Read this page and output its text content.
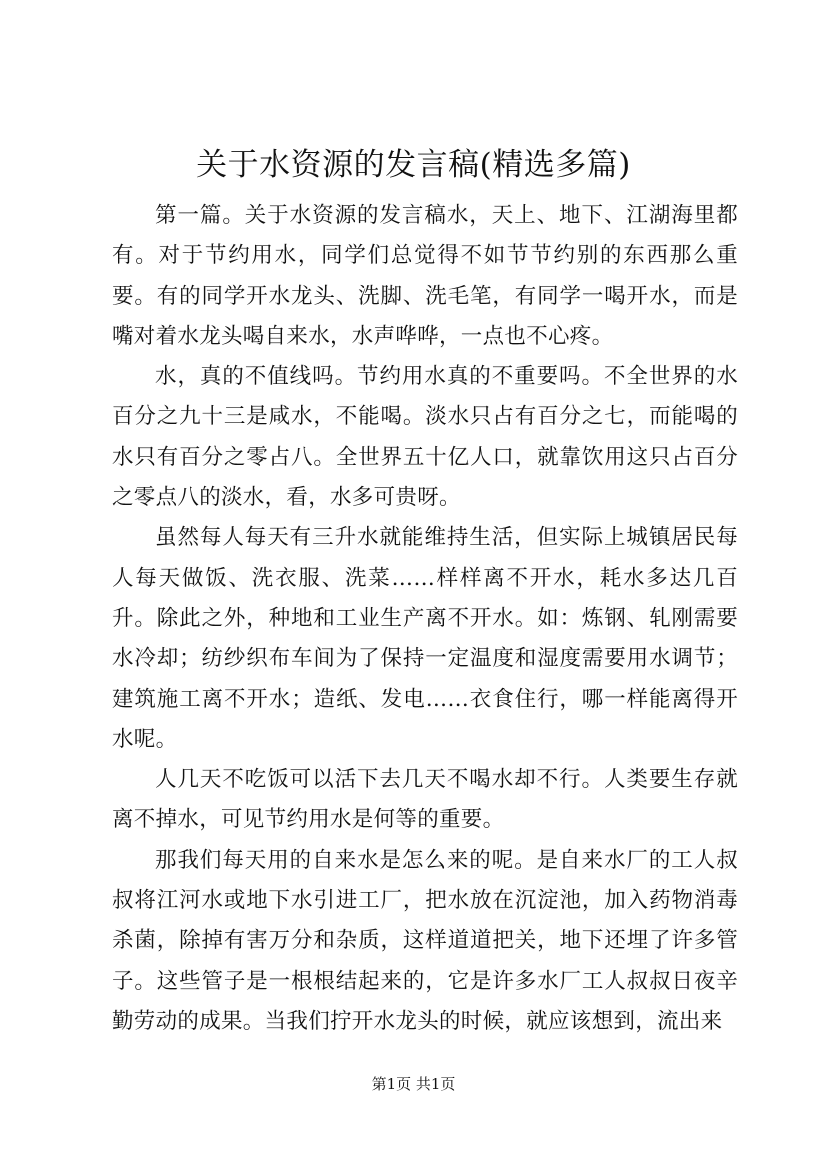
关于水资源的发言稿(精选多篇)

第一篇。关于水资源的发言稿水，天上、地下、江湖海里都有。对于节约用水，同学们总觉得不如节节约别的东西那么重要。有的同学开水龙头、洗脚、洗毛笔，有同学一喝开水，而是嘴对着水龙头喝自来水，水声哗哗，一点也不心疼。

水，真的不值线吗。节约用水真的不重要吗。不全世界的水百分之九十三是咸水，不能喝。淡水只占有百分之七，而能喝的水只有百分之零占八。全世界五十亿人口，就靠饮用这只占百分之零点八的淡水，看，水多可贵呀。

虽然每人每天有三升水就能维持生活，但实际上城镇居民每人每天做饭、洗衣服、洗菜……样样离不开水，耗水多达几百升。除此之外，种地和工业生产离不开水。如：炼钢、轧刚需要水冷却；纺纱织布车间为了保持一定温度和湿度需要用水调节；建筑施工离不开水；造纸、发电……衣食住行，哪一样能离得开水呢。

人几天不吃饭可以活下去几天不喝水却不行。人类要生存就离不掉水，可见节约用水是何等的重要。

那我们每天用的自来水是怎么来的呢。是自来水厂的工人叔叔将江河水或地下水引进工厂，把水放在沉淀池，加入药物消毒杀菌，除掉有害万分和杂质，这样道道把关，地下还埋了许多管子。这些管子是一根根结起来的，它是许多水厂工人叔叔日夜辛勤劳动的成果。当我们拧开水龙头的时候，就应该想到，流出来

第1页 共1页
